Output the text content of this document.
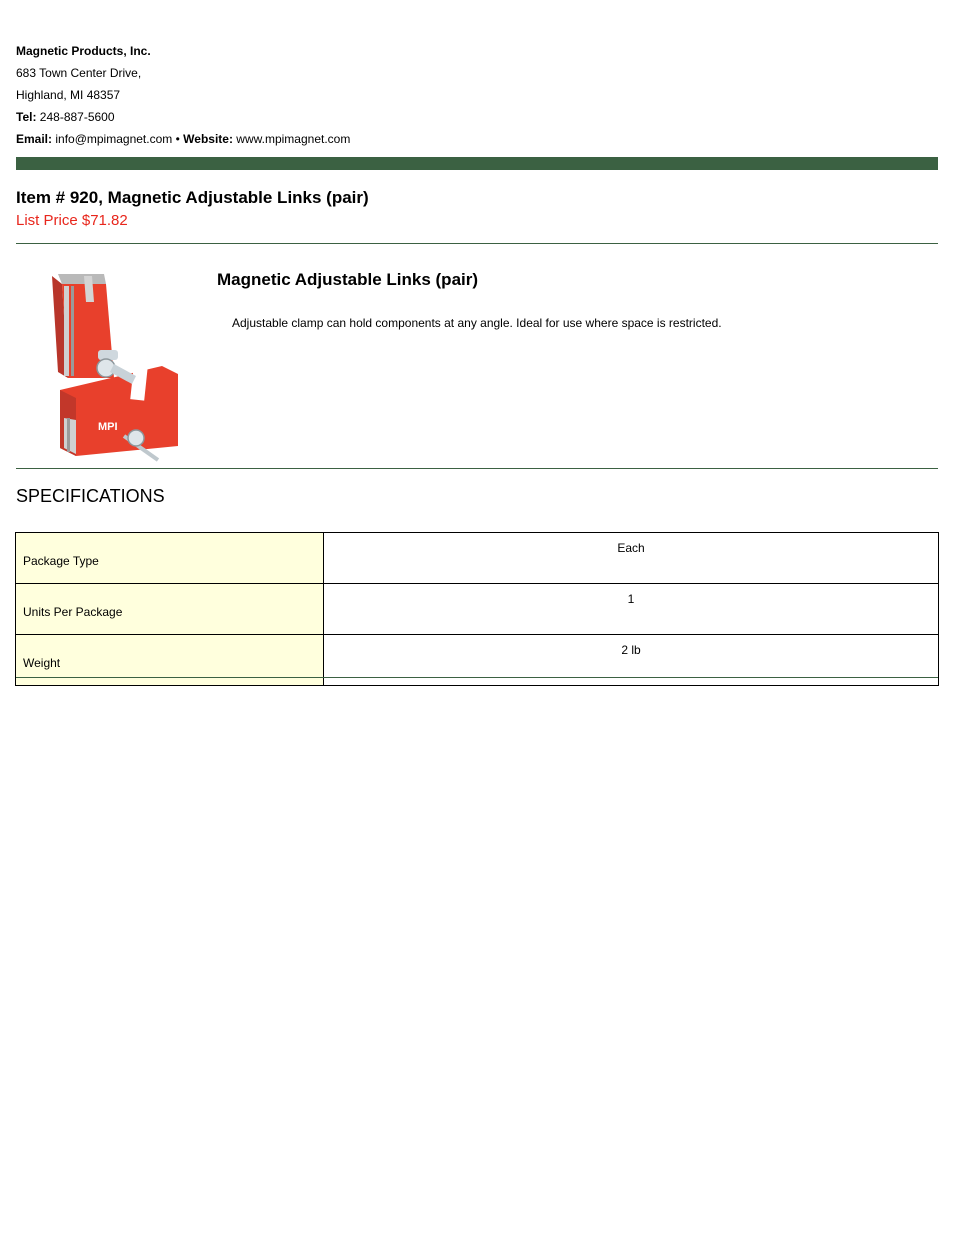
Magnetic Products, Inc.
683 Town Center Drive,
Highland, MI 48357
Tel: 248-887-5600
Email: info@mpimagnet.com • Website: www.mpimagnet.com
Item # 920, Magnetic Adjustable Links (pair)
List Price $71.82
MPI
Magnetic Adjustable Links (pair)
Adjustable clamp can hold components at any angle. Ideal for use where space is restricted.
SPECIFICATIONS
Package Type	Each
Units Per Package	1
Weight	2 lb
